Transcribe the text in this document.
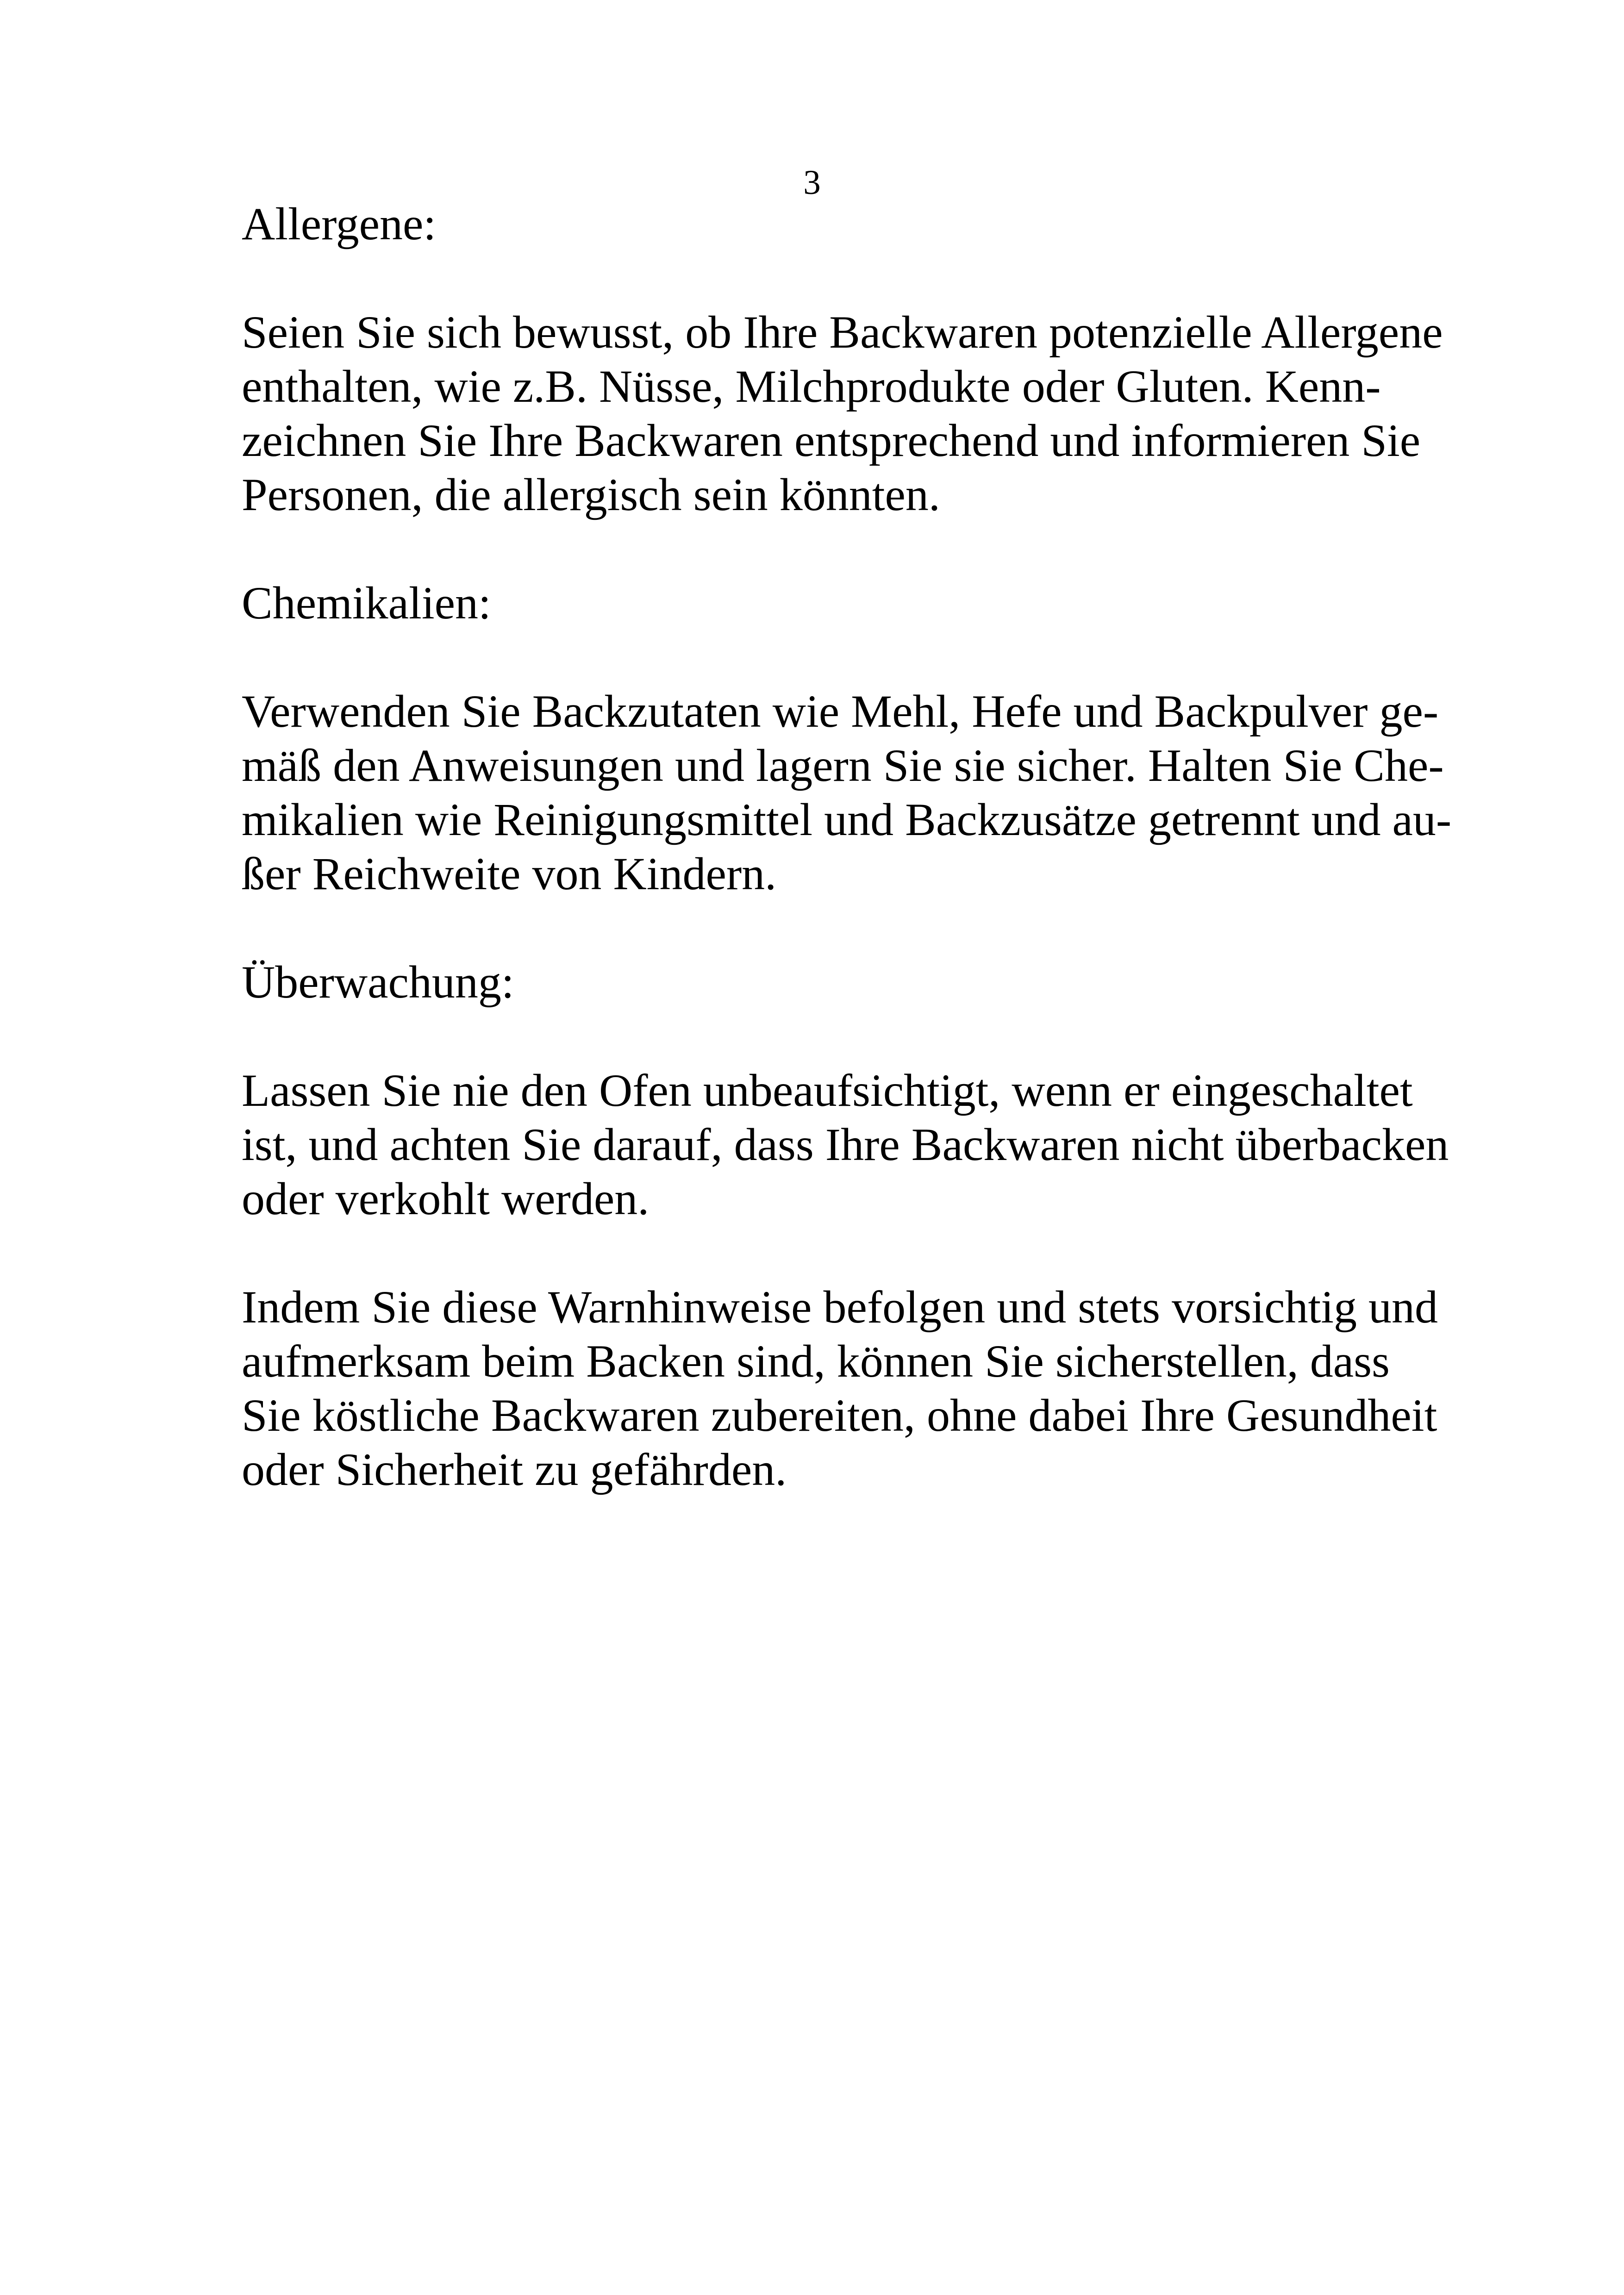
3
Allergene:
Seien Sie sich bewusst, ob Ihre Backwaren potenzielle Allergene
enthalten, wie z.B. Nüsse, Milchprodukte oder Gluten. Kenn-
zeichnen Sie Ihre Backwaren entsprechend und informieren Sie
Personen, die allergisch sein könnten.
Chemikalien:
Verwenden Sie Backzutaten wie Mehl, Hefe und Backpulver ge-
mäß den Anweisungen und lagern Sie sie sicher. Halten Sie Che-
mikalien wie Reinigungsmittel und Backzusätze getrennt und au-
ßer Reichweite von Kindern.
Überwachung:
Lassen Sie nie den Ofen unbeaufsichtigt, wenn er eingeschaltet
ist, und achten Sie darauf, dass Ihre Backwaren nicht überbacken
oder verkohlt werden.
Indem Sie diese Warnhinweise befolgen und stets vorsichtig und
aufmerksam beim Backen sind, können Sie sicherstellen, dass
Sie köstliche Backwaren zubereiten, ohne dabei Ihre Gesundheit
oder Sicherheit zu gefährden.
